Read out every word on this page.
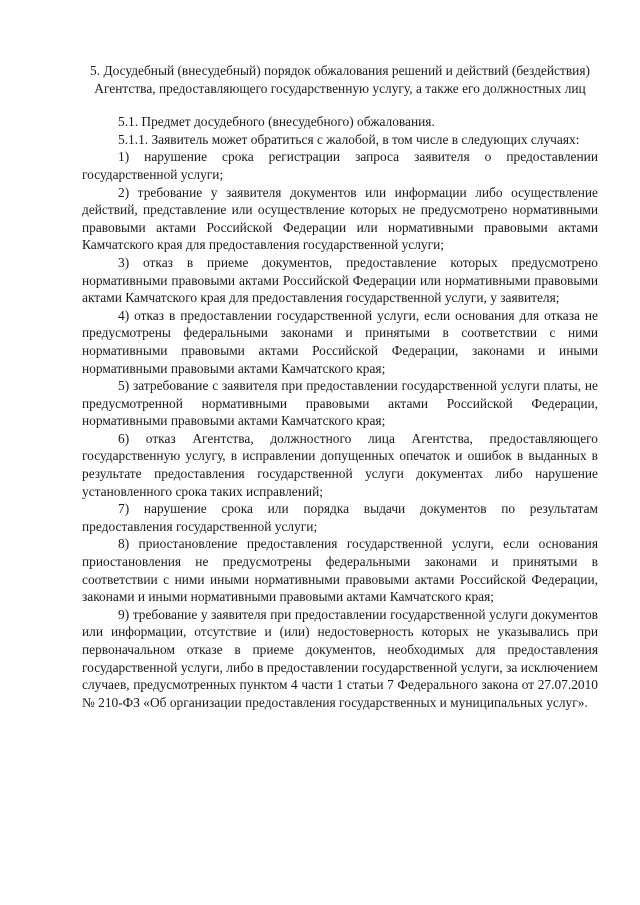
5. Досудебный (внесудебный) порядок обжалования решений и действий (бездействия) Агентства, предоставляющего государственную услугу, а также его должностных лиц

5.1. Предмет досудебного (внесудебного) обжалования.

5.1.1. Заявитель может обратиться с жалобой, в том числе в следующих случаях:

1) нарушение срока регистрации запроса заявителя о предоставлении государственной услуги;

2) требование у заявителя документов или информации либо осуществление действий, представление или осуществление которых не предусмотрено нормативными правовыми актами Российской Федерации или нормативными правовыми актами Камчатского края для предоставления государственной услуги;

3) отказ в приеме документов, предоставление которых предусмотрено нормативными правовыми актами Российской Федерации или нормативными правовыми актами Камчатского края для предоставления государственной услуги, у заявителя;

4) отказ в предоставлении государственной услуги, если основания для отказа не предусмотрены федеральными законами и принятыми в соответствии с ними нормативными правовыми актами Российской Федерации, законами и иными нормативными правовыми актами Камчатского края;

5) затребование с заявителя при предоставлении государственной услуги платы, не предусмотренной нормативными правовыми актами Российской Федерации, нормативными правовыми актами Камчатского края;

6) отказ Агентства, должностного лица Агентства, предоставляющего государственную услугу, в исправлении допущенных опечаток и ошибок в выданных в результате предоставления государственной услуги документах либо нарушение установленного срока таких исправлений;

7) нарушение срока или порядка выдачи документов по результатам предоставления государственной услуги;

8) приостановление предоставления государственной услуги, если основания приостановления не предусмотрены федеральными законами и принятыми в соответствии с ними иными нормативными правовыми актами Российской Федерации, законами и иными нормативными правовыми актами Камчатского края;

9) требование у заявителя при предоставлении государственной услуги документов или информации, отсутствие и (или) недостоверность которых не указывались при первоначальном отказе в приеме документов, необходимых для предоставления государственной услуги, либо в предоставлении государственной услуги, за исключением случаев, предусмотренных пунктом 4 части 1 статьи 7 Федерального закона от 27.07.2010 № 210-ФЗ «Об организации предоставления государственных и муниципальных услуг».
